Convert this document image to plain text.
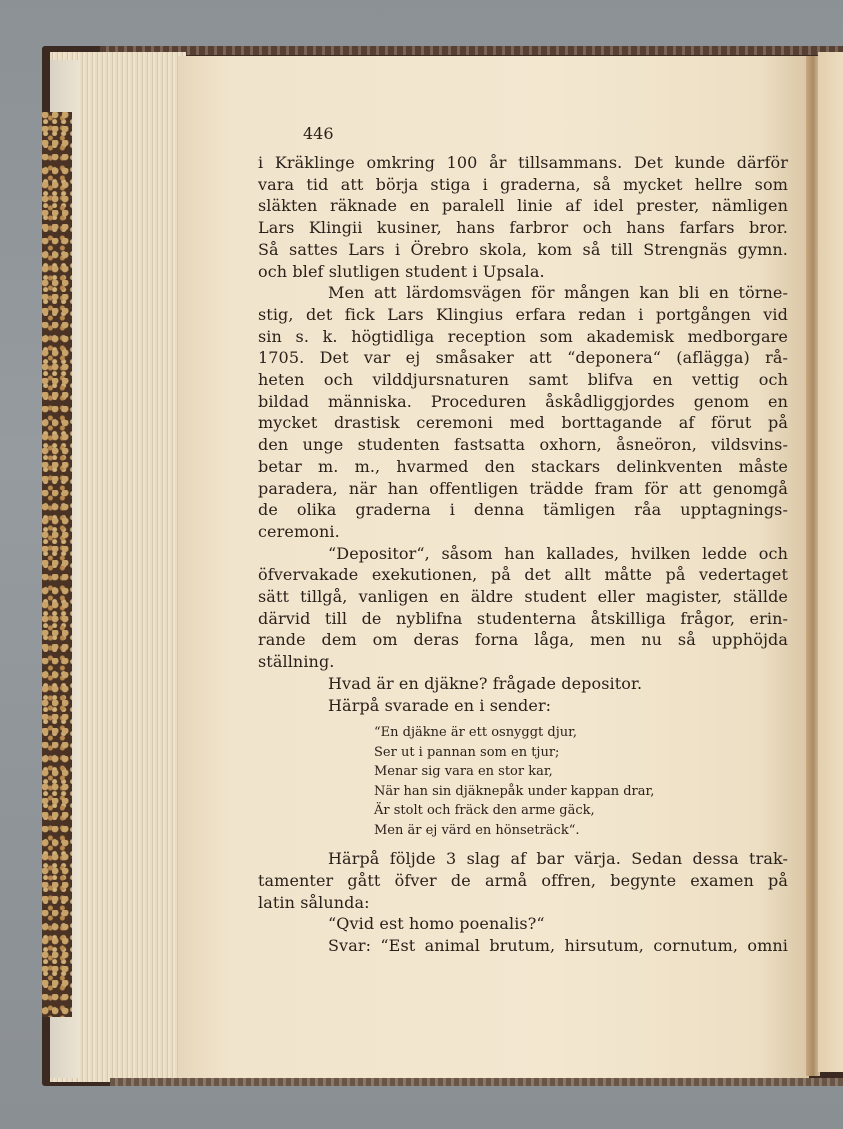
446
i Kräklinge omkring 100 år tillsammans. Det kunde därför
vara tid att börja stiga i graderna, så mycket hellre som
släkten räknade en paralell linie af idel prester, nämligen
Lars Klingii kusiner, hans farbror och hans farfars bror.
Så sattes Lars i Örebro skola, kom så till Strengnäs gymn.
och blef slutligen student i Upsala.
Men att lärdomsvägen för mången kan bli en törne-
stig, det fick Lars Klingius erfara redan i portgången vid
sin s. k. högtidliga reception som akademisk medborgare
1705. Det var ej småsaker att “deponera“ (aflägga) rå-
heten och vilddjursnaturen samt blifva en vettig och
bildad människa. Proceduren åskådliggjordes genom en
mycket drastisk ceremoni med borttagande af förut på
den unge studenten fastsatta oxhorn, åsneöron, vildsvins-
betar m. m., hvarmed den stackars delinkventen måste
paradera, när han offentligen trädde fram för att genomgå
de olika graderna i denna tämligen råa upptagnings-
ceremoni.
“Depositor“, såsom han kallades, hvilken ledde och
öfvervakade exekutionen, på det allt måtte på vedertaget
sätt tillgå, vanligen en äldre student eller magister, ställde
därvid till de nyblifna studenterna åtskilliga frågor, erin-
rande dem om deras forna låga, men nu så upphöjda
ställning.
Hvad är en djäkne? frågade depositor.
Härpå svarade en i sender:
“En djäkne är ett osnyggt djur,
Ser ut i pannan som en tjur;
Menar sig vara en stor kar,
När han sin djäknepåk under kappan drar,
Är stolt och fräck den arme gäck,
Men är ej värd en hönseträck“.
Härpå följde 3 slag af bar värja. Sedan dessa trak-
tamenter gått öfver de armå offren, begynte examen på
latin sålunda:
“Qvid est homo poenalis?“
Svar: “Est animal brutum, hirsutum, cornutum, omni
